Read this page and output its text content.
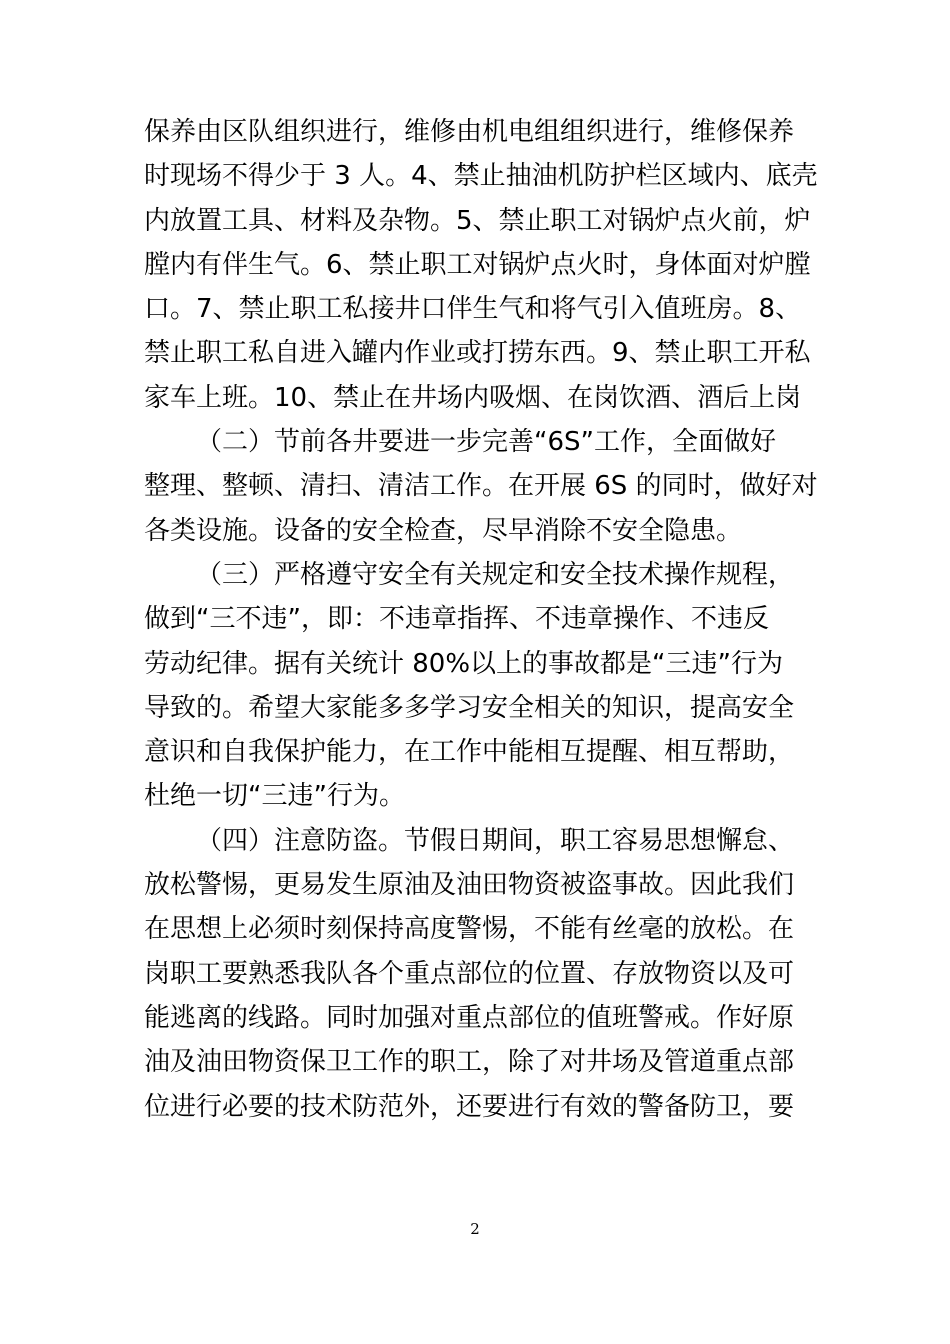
保养由区队组织进行，维修由机电组组织进行，维修保养
时现场不得少于 3 人。4、禁止抽油机防护栏区域内、底壳
内放置工具、材料及杂物。5、禁止职工对锅炉点火前，炉
膛内有伴生气。6、禁止职工对锅炉点火时，身体面对炉膛
口。7、禁止职工私接井口伴生气和将气引入值班房。8、
禁止职工私自进入罐内作业或打捞东西。9、禁止职工开私
家车上班。10、禁止在井场内吸烟、在岗饮酒、酒后上岗
（二）节前各井要进一步完善“6S”工作，全面做好
整理、整顿、清扫、清洁工作。在开展 6S 的同时，做好对
各类设施。设备的安全检查，尽早消除不安全隐患。
（三）严格遵守安全有关规定和安全技术操作规程，
做到“三不违”，即：不违章指挥、不违章操作、不违反
劳动纪律。据有关统计 80%以上的事故都是“三违”行为
导致的。希望大家能多多学习安全相关的知识，提高安全
意识和自我保护能力，在工作中能相互提醒、相互帮助，
杜绝一切“三违”行为。
（四）注意防盗。节假日期间，职工容易思想懈怠、
放松警惕，更易发生原油及油田物资被盗事故。因此我们
在思想上必须时刻保持高度警惕，不能有丝毫的放松。在
岗职工要熟悉我队各个重点部位的位置、存放物资以及可
能逃离的线路。同时加强对重点部位的值班警戒。作好原
油及油田物资保卫工作的职工，除了对井场及管道重点部
位进行必要的技术防范外，还要进行有效的警备防卫，要
2
